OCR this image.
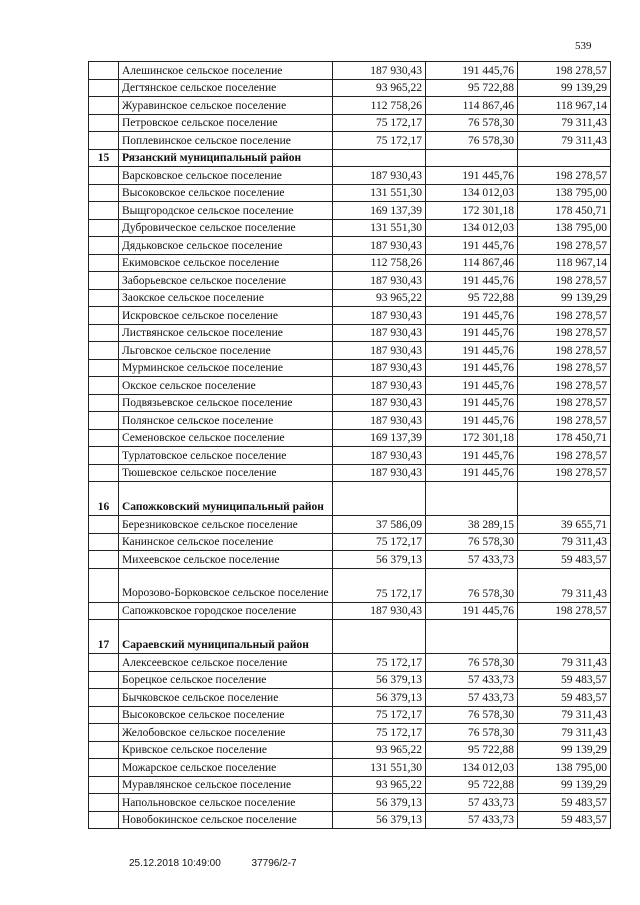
539
	Алешинское сельское поселение	187 930,43	191 445,76	198 278,57
	Дегтянское сельское поселение	93 965,22	95 722,88	99 139,29
	Журавинское сельское поселение	112 758,26	114 867,46	118 967,14
	Петровское сельское поселение	75 172,17	76 578,30	79 311,43
	Поплевинское сельское поселение	75 172,17	76 578,30	79 311,43
15	Рязанский муниципальный район			
	Варсковское сельское поселение	187 930,43	191 445,76	198 278,57
	Высоковское сельское поселение	131 551,30	134 012,03	138 795,00
	Выщгородское сельское поселение	169 137,39	172 301,18	178 450,71
	Дубровическое сельское поселение	131 551,30	134 012,03	138 795,00
	Дядьковское сельское поселение	187 930,43	191 445,76	198 278,57
	Екимовское сельское поселение	112 758,26	114 867,46	118 967,14
	Заборьевское сельское поселение	187 930,43	191 445,76	198 278,57
	Заокское сельское поселение	93 965,22	95 722,88	99 139,29
	Искровское сельское поселение	187 930,43	191 445,76	198 278,57
	Листвянское сельское поселение	187 930,43	191 445,76	198 278,57
	Льговское сельское поселение	187 930,43	191 445,76	198 278,57
	Мурминское сельское поселение	187 930,43	191 445,76	198 278,57
	Окское сельское поселение	187 930,43	191 445,76	198 278,57
	Подвязьевское сельское поселение	187 930,43	191 445,76	198 278,57
	Полянское сельское поселение	187 930,43	191 445,76	198 278,57
	Семеновское сельское поселение	169 137,39	172 301,18	178 450,71
	Турлатовское сельское поселение	187 930,43	191 445,76	198 278,57
	Тюшевское сельское поселение	187 930,43	191 445,76	198 278,57
16	Сапожковский муниципальный район			
	Березниковское сельское поселение	37 586,09	38 289,15	39 655,71
	Канинское сельское поселение	75 172,17	76 578,30	79 311,43
	Михеевское сельское поселение	56 379,13	57 433,73	59 483,57
	Морозово-Борковское сельское поселение	75 172,17	76 578,30	79 311,43
	Сапожковское городское поселение	187 930,43	191 445,76	198 278,57
17	Сараевский муниципальный район			
	Алексеевское сельское поселение	75 172,17	76 578,30	79 311,43
	Борецкое сельское поселение	56 379,13	57 433,73	59 483,57
	Бычковское сельское поселение	56 379,13	57 433,73	59 483,57
	Высоковское сельское поселение	75 172,17	76 578,30	79 311,43
	Желобовское сельское поселение	75 172,17	76 578,30	79 311,43
	Кривское сельское поселение	93 965,22	95 722,88	99 139,29
	Можарское сельское поселение	131 551,30	134 012,03	138 795,00
	Муравлянское сельское поселение	93 965,22	95 722,88	99 139,29
	Напольновское сельское поселение	56 379,13	57 433,73	59 483,57
	Новобокинское сельское поселение	56 379,13	57 433,73	59 483,57
25.12.2018 10:49:00	37796/2-7
